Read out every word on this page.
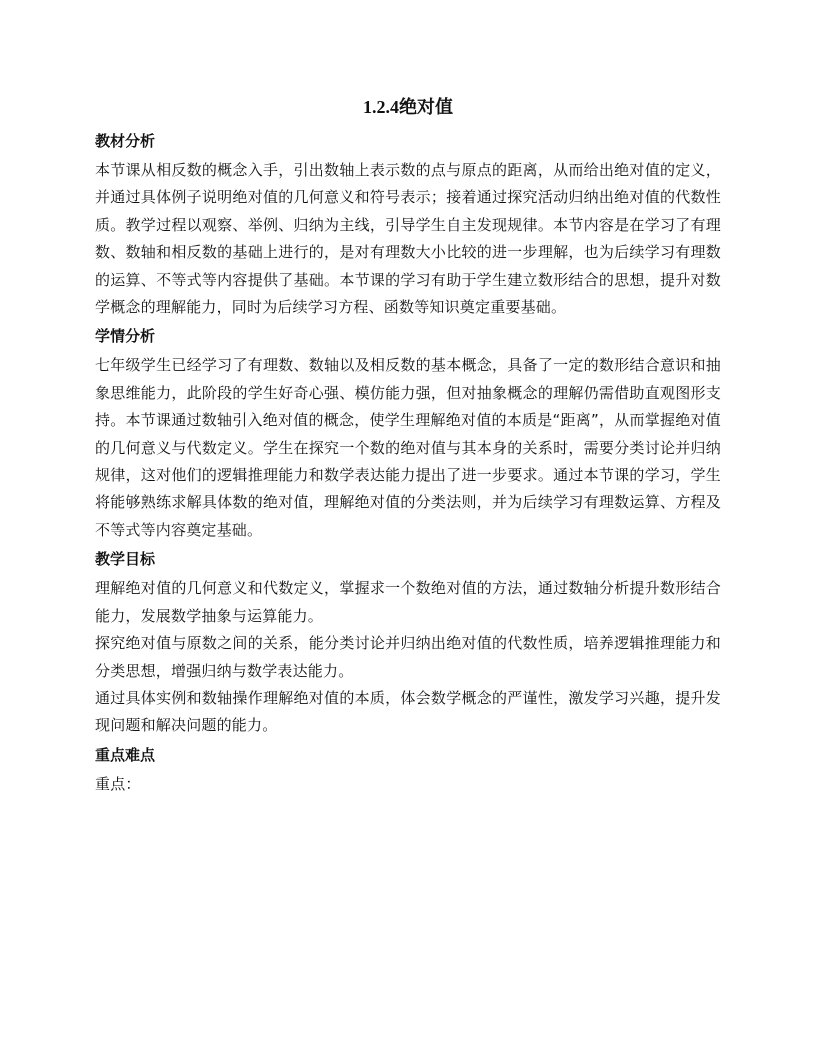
1.2.4绝对值
教材分析

本节课从相反数的概念入手，引出数轴上表示数的点与原点的距离，从而给出绝对值的定义，并通过具体例子说明绝对值的几何意义和符号表示；接着通过探究活动归纳出绝对值的代数性质。教学过程以观察、举例、归纳为主线，引导学生自主发现规律。本节内容是在学习了有理数、数轴和相反数的基础上进行的，是对有理数大小比较的进一步理解，也为后续学习有理数的运算、不等式等内容提供了基础。本节课的学习有助于学生建立数形结合的思想，提升对数学概念的理解能力，同时为后续学习方程、函数等知识奠定重要基础。

学情分析

七年级学生已经学习了有理数、数轴以及相反数的基本概念，具备了一定的数形结合意识和抽象思维能力，此阶段的学生好奇心强、模仿能力强，但对抽象概念的理解仍需借助直观图形支持。本节课通过数轴引入绝对值的概念，使学生理解绝对值的本质是“距离”，从而掌握绝对值的几何意义与代数定义。学生在探究一个数的绝对值与其本身的关系时，需要分类讨论并归纳规律，这对他们的逻辑推理能力和数学表达能力提出了进一步要求。通过本节课的学习，学生将能够熟练求解具体数的绝对值，理解绝对值的分类法则，并为后续学习有理数运算、方程及不等式等内容奠定基础。

教学目标

理解绝对值的几何意义和代数定义，掌握求一个数绝对值的方法，通过数轴分析提升数形结合能力，发展数学抽象与运算能力。

探究绝对值与原数之间的关系，能分类讨论并归纳出绝对值的代数性质，培养逻辑推理能力和分类思想，增强归纳与数学表达能力。

通过具体实例和数轴操作理解绝对值的本质，体会数学概念的严谨性，激发学习兴趣，提升发现问题和解决问题的能力。

重点难点

重点：
